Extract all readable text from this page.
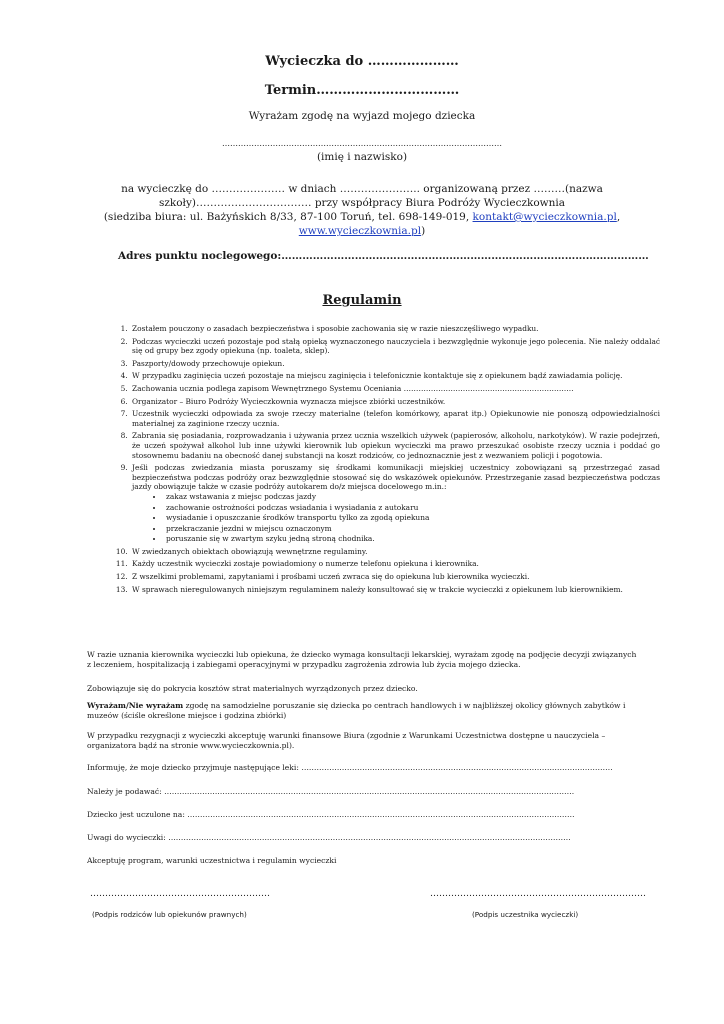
Wycieczka do …………………
Termin……………………………
Wyrażam zgodę na wyjazd mojego dziecka
……………………………………………………………………………………………
(imię i nazwisko)
na wycieczkę do ………………… w dniach ………………….. organizowaną przez ………(nazwa szkoły)…………………………… przy współpracy Biura Podróży Wycieczkownia
(siedziba biura: ul. Bażyńskich 8/33, 87-100 Toruń, tel. 698-149-019, kontakt@wycieczkownia.pl, www.wycieczkownia.pl)
Adres punktu noclegowego:……………………………………………………………………………………………
Regulamin
1. Zostałem pouczony o zasadach bezpieczeństwa i sposobie zachowania się w razie nieszczęśliwego wypadku.
2. Podczas wycieczki uczeń pozostaje pod stałą opieką wyznaczonego nauczyciela i bezwzględnie wykonuje jego polecenia. Nie należy oddalać się od grupy bez zgody opiekuna (np. toaleta, sklep).
3. Paszporty/dowody przechowuje opiekun.
4. W przypadku zaginięcia uczeń pozostaje na miejscu zaginięcia i telefonicznie kontaktuje się z opiekunem bądź zawiadamia policję.
5. Zachowania ucznia podlega zapisom Wewnętrznego Systemu Oceniania ……………………………………………………………
6. Organizator – Biuro Podróży Wycieczkownia wyznacza miejsce zbiórki uczestników.
7. Uczestnik wycieczki odpowiada za swoje rzeczy materialne (telefon komórkowy, aparat itp.) Opiekunowie nie ponoszą odpowiedzialności materialnej za zaginione rzeczy ucznia.
8. Zabrania się posiadania, rozprowadzania i używania przez ucznia wszelkich używek (papierosów, alkoholu, narkotyków). W razie podejrzeń, że uczeń spożywał alkohol lub inne używki kierownik lub opiekun wycieczki ma prawo przeszukać osobiste rzeczy ucznia i poddać go stosownemu badaniu na obecność danej substancji na koszt rodziców, co jednoznacznie jest z wezwaniem policji i pogotowia.
9. Jeśli podczas zwiedzania miasta poruszamy się środkami komunikacji miejskiej uczestnicy zobowiązani są przestrzegać zasad bezpieczeństwa podczas podróży oraz bezwzględnie stosować się do wskazówek opiekunów. Przestrzeganie zasad bezpieczeństwa podczas jazdy obowiązuje także w czasie podróży autokarem do/z miejsca docelowego m.in.:
• zakaz wstawania z miejsc podczas jazdy
• zachowanie ostrożności podczas wsiadania i wysiadania z autokaru
• wysiadanie i opuszczanie środków transportu tylko za zgodą opiekuna
• przekraczanie jezdni w miejscu oznaczonym
• poruszanie się w zwartym szyku jedną stroną chodnika.
10. W zwiedzanych obiektach obowiązują wewnętrzne regulaminy.
11. Każdy uczestnik wycieczki zostaje powiadomiony o numerze telefonu opiekuna i kierownika.
12. Z wszelkimi problemami, zapytaniami i prośbami uczeń zwraca się do opiekuna lub kierownika wycieczki.
13. W sprawach nieregulowanych niniejszym regulaminem należy konsultować się w trakcie wycieczki z opiekunem lub kierownikiem.
W razie uznania kierownika wycieczki lub opiekuna, że dziecko wymaga konsultacji lekarskiej, wyrażam zgodę na podjęcie decyzji związanych z leczeniem, hospitalizacją i zabiegami operacyjnymi w przypadku zagrożenia zdrowia lub życia mojego dziecka.
Zobowiązuje się do pokrycia kosztów strat materialnych wyrządzonych przez dziecko.
Wyrażam/Nie wyrażam zgodę na samodzielne poruszanie się dziecka po centrach handlowych i w najbliższej okolicy głównych zabytków i muzeów (ściśle określone miejsce i godzina zbiórki)
W przypadku rezygnacji z wycieczki akceptuję warunki finansowe Biura (zgodnie z Warunkami Uczestnictwa dostępne u nauczyciela – organizatora bądź na stronie www.wycieczkownia.pl).
Informuję, że moje dziecko przyjmuje następujące leki: ……………………………………………………………………………………………………………
Należy je podawać: ………………………………………………………………………………………………………………………………………………
Dziecko jest uczulone na: ………………………………………………………………………………………………………………………………………
Uwagi do wycieczki: ……………………………………………………………………………………………………………………………………………
Akceptuję program, warunki uczestnictwa i regulamin wycieczki
……………………………………………………
(Podpis rodziców lub opiekunów prawnych)
………………………………………………………………
(Podpis uczestnika wycieczki)
